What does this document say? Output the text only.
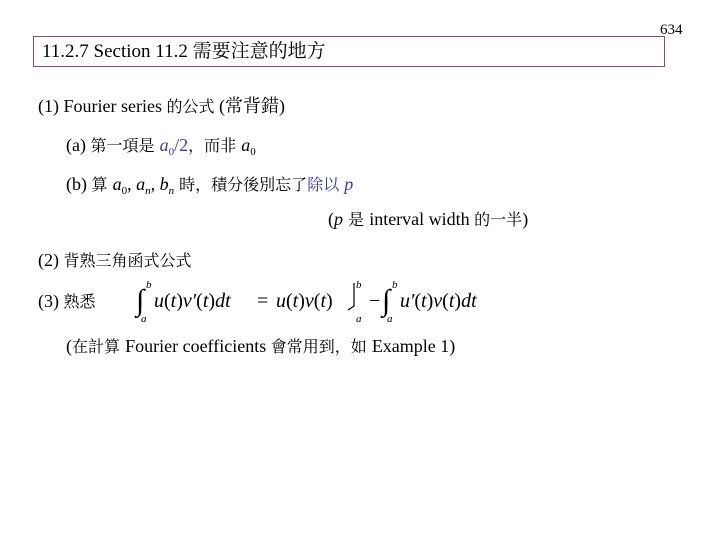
634
11.2.7 Section 11.2 需要注意的地方
(1) Fourier series 的公式 (常背錯)
(a) 第一項是 $a_0/2$，而非 $a_0$
(b) 算 $a_0$, $a_n$, $b_n$ 時，積分後別忘了除以 p
(p 是 interval width 的一半)
(2) 背熟三角函式公式
(3) 熟悉 ∫ b
a
u(t)v′(t)dt = u(t)v(t)
b
a
− ∫ b
a
u′(t)v(t)dt
(在計算 Fourier coefficients 會常用到，如 Example 1)
